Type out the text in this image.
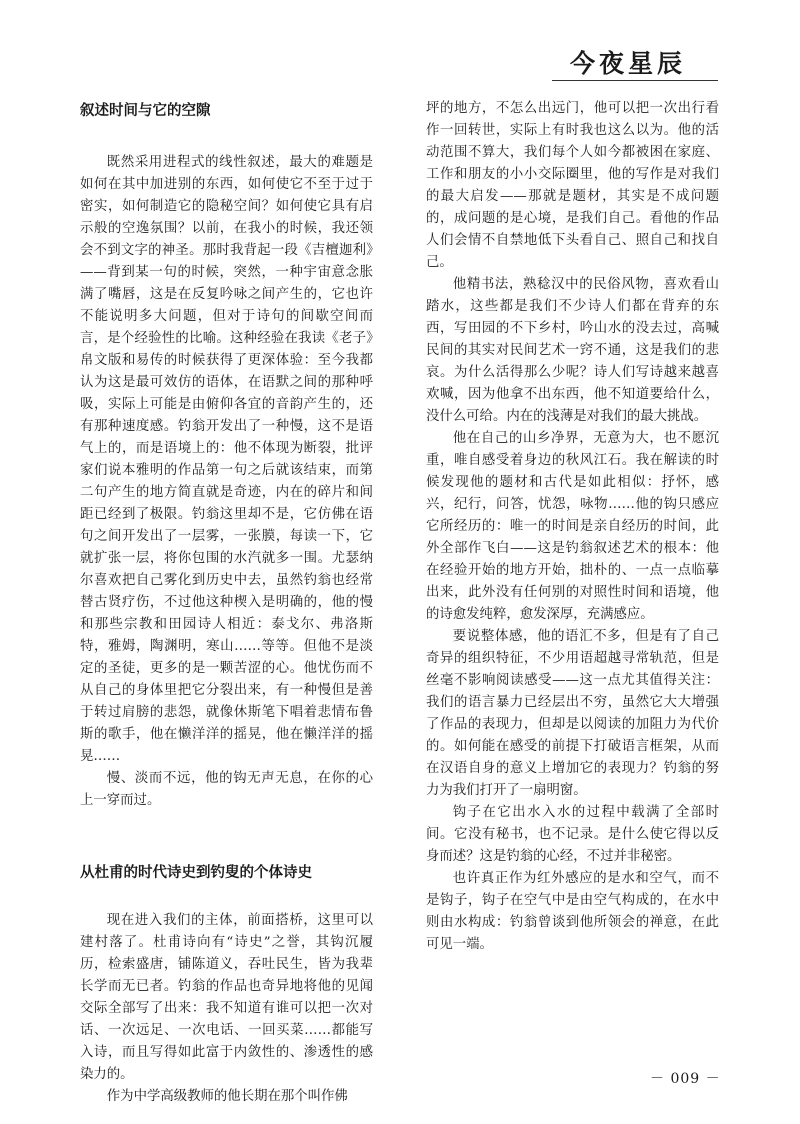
今夜星辰
叙述时间与它的空隙

既然采用进程式的线性叙述，最大的难题是如何在其中加进别的东西，如何使它不至于过于密实，如何制造它的隐秘空间？如何使它具有启示般的空逸氛围？以前，在我小的时候，我还领会不到文字的神圣。那时我背起一段《吉檀迦利》——背到某一句的时候，突然，一种宇宙意念胀满了嘴唇，这是在反复吟咏之间产生的，它也许不能说明多大问题，但对于诗句的间歇空间而言，是个经验性的比喻。这种经验在我读《老子》帛文版和易传的时候获得了更深体验：至今我都认为这是最可效仿的语体，在语默之间的那种呼吸，实际上可能是由俯仰各宜的音韵产生的，还有那种速度感。钓翁开发出了一种慢，这不是语气上的，而是语境上的：他不体现为断裂，批评家们说本雅明的作品第一句之后就该结束，而第二句产生的地方简直就是奇迹，内在的碎片和间距已经到了极限。钓翁这里却不是，它仿佛在语句之间开发出了一层雾，一张膜，每读一下，它就扩张一层，将你包围的水汽就多一围。尤瑟纳尔喜欢把自己雾化到历史中去，虽然钓翁也经常替古贤疗伤，不过他这种楔入是明确的，他的慢和那些宗教和田园诗人相近：泰戈尔、弗洛斯特，雅姆，陶渊明，寒山……等等。但他不是淡定的圣徒，更多的是一颗苦涩的心。他忧伤而不从自己的身体里把它分裂出来，有一种慢但是善于转过肩膀的悲怨，就像休斯笔下唱着悲情布鲁斯的歌手，他在懒洋洋的摇晃，他在懒洋洋的摇晃……

慢、淡而不远，他的钩无声无息，在你的心上一穿而过。

从杜甫的时代诗史到钓叟的个体诗史

现在进入我们的主体，前面搭桥，这里可以建村落了。杜甫诗向有“诗史”之誉，其钩沉履历，检索盛唐，铺陈道义，吞吐民生，皆为我辈长学而无已者。钓翁的作品也奇异地将他的见闻交际全部写了出来：我不知道有谁可以把一次对话、一次远足、一次电话、一回买菜……都能写入诗，而且写得如此富于内敛性的、渗透性的感染力的。

作为中学高级教师的他长期在那个叫作佛

坪的地方，不怎么出远门，他可以把一次出行看作一回转世，实际上有时我也这么以为。他的活动范围不算大，我们每个人如今都被困在家庭、工作和朋友的小小交际圈里，他的写作是对我们的最大启发——那就是题材，其实是不成问题的，成问题的是心境，是我们自己。看他的作品人们会情不自禁地低下头看自己、照自己和找自己。

他精书法，熟稔汉中的民俗风物，喜欢看山踏水，这些都是我们不少诗人们都在背弃的东西，写田园的不下乡村，吟山水的没去过，高喊民间的其实对民间艺术一窍不通，这是我们的悲哀。为什么活得那么少呢？诗人们写诗越来越喜欢喊，因为他拿不出东西，他不知道要给什么，没什么可给。内在的浅薄是对我们的最大挑战。

他在自己的山乡净界，无意为大，也不愿沉重，唯自感受着身边的秋风江石。我在解读的时候发现他的题材和古代是如此相似：抒怀，感兴，纪行，问答，忧怨，咏物……他的钩只感应它所经历的：唯一的时间是亲自经历的时间，此外全部作飞白——这是钓翁叙述艺术的根本：他在经验开始的地方开始，拙朴的、一点一点临摹出来，此外没有任何别的对照性时间和语境，他的诗愈发纯粹，愈发深厚，充满感应。

要说整体感，他的语汇不多，但是有了自己奇异的组织特征，不少用语超越寻常轨范，但是丝毫不影响阅读感受——这一点尤其值得关注：我们的语言暴力已经层出不穷，虽然它大大增强了作品的表现力，但却是以阅读的加阻力为代价的。如何能在感受的前提下打破语言框架，从而在汉语自身的意义上增加它的表现力？钓翁的努力为我们打开了一扇明窗。

钩子在它出水入水的过程中载满了全部时间。它没有秘书，也不记录。是什么使它得以反身而述？这是钓翁的心经，不过并非秘密。

也许真正作为红外感应的是水和空气，而不是钩子，钩子在空气中是由空气构成的，在水中则由水构成：钓翁曾谈到他所领会的禅意，在此可见一端。

－ 009 －
